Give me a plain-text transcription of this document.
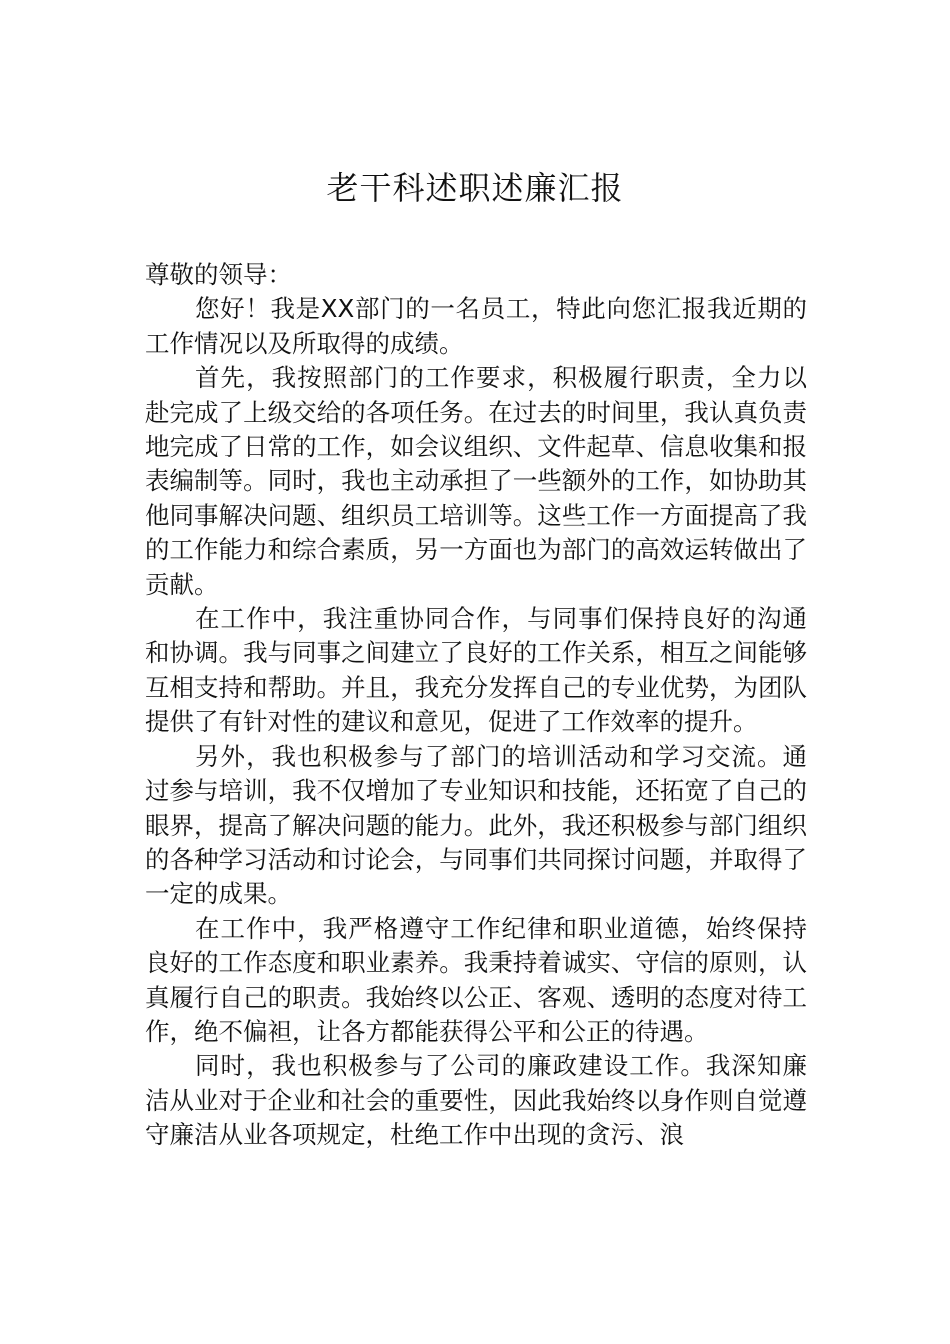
老干科述职述廉汇报

尊敬的领导：

您好！我是XX部门的一名员工，特此向您汇报我近期的工作情况以及所取得的成绩。

首先，我按照部门的工作要求，积极履行职责，全力以赴完成了上级交给的各项任务。在过去的时间里，我认真负责地完成了日常的工作，如会议组织、文件起草、信息收集和报表编制等。同时，我也主动承担了一些额外的工作，如协助其他同事解决问题、组织员工培训等。这些工作一方面提高了我的工作能力和综合素质，另一方面也为部门的高效运转做出了贡献。

在工作中，我注重协同合作，与同事们保持良好的沟通和协调。我与同事之间建立了良好的工作关系，相互之间能够互相支持和帮助。并且，我充分发挥自己的专业优势，为团队提供了有针对性的建议和意见，促进了工作效率的提升。

另外，我也积极参与了部门的培训活动和学习交流。通过参与培训，我不仅增加了专业知识和技能，还拓宽了自己的眼界，提高了解决问题的能力。此外，我还积极参与部门组织的各种学习活动和讨论会，与同事们共同探讨问题，并取得了一定的成果。

在工作中，我严格遵守工作纪律和职业道德，始终保持良好的工作态度和职业素养。我秉持着诚实、守信的原则，认真履行自己的职责。我始终以公正、客观、透明的态度对待工作，绝不偏袒，让各方都能获得公平和公正的待遇。

同时，我也积极参与了公司的廉政建设工作。我深知廉洁从业对于企业和社会的重要性，因此我始终以身作则自觉遵守廉洁从业各项规定，杜绝工作中出现的贪污、浪
